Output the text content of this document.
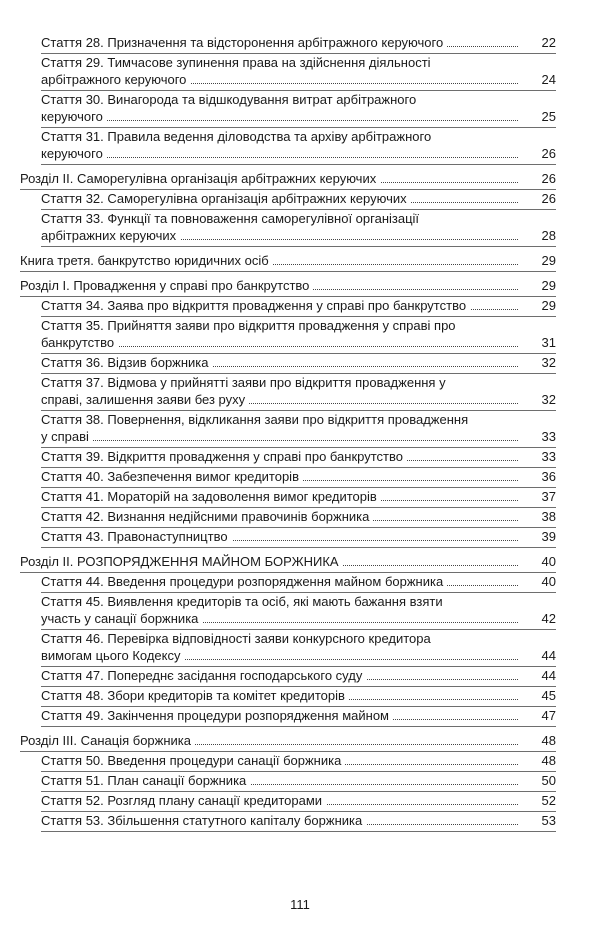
Стаття 28. Призначення та відсторонення арбітражного керуючого	22
Стаття 29. Тимчасове зупинення права на здійснення діяльності
арбітражного керуючого	24
Стаття 30. Винагорода та відшкодування витрат арбітражного
керуючого	25
Стаття 31. Правила ведення діловодства та архіву арбітражного
керуючого	26
Розділ II. Саморегулівна організація арбітражних керуючих	26
Стаття 32. Саморегулівна організація арбітражних керуючих	26
Стаття 33. Функції та повноваження саморегулівної організації
арбітражних керуючих	28
Книга третя. банкрутство юридичних осіб	29
Розділ I. Провадження у справі про банкрутство	29
Стаття 34. Заява про відкриття провадження у справі про банкрутство	29
Стаття 35. Прийняття заяви про відкриття провадження у справі про
банкрутство	31
Стаття 36. Відзив боржника	32
Стаття 37. Відмова у прийнятті заяви про відкриття провадження у
справі, залишення заяви без руху	32
Стаття 38. Повернення, відкликання заяви про відкриття провадження
у справі	33
Стаття 39. Відкриття провадження у справі про банкрутство	33
Стаття 40. Забезпечення вимог кредиторів	36
Стаття 41. Мораторій на задоволення вимог кредиторів	37
Стаття 42. Визнання недійсними правочинів боржника	38
Стаття 43. Правонаступництво	39
Розділ II. РОЗПОРЯДЖЕННЯ МАЙНОМ БОРЖНИКА	40
Стаття 44. Введення процедури розпорядження майном боржника	40
Стаття 45. Виявлення кредиторів та осіб, які мають бажання взяти
участь у санації боржника	42
Стаття 46. Перевірка відповідності заяви конкурсного кредитора
вимогам цього Кодексу	44
Стаття 47. Попереднє засідання господарського суду	44
Стаття 48. Збори кредиторів та комітет кредиторів	45
Стаття 49. Закінчення процедури розпорядження майном	47
Розділ III. Санація боржника	48
Стаття 50. Введення процедури санації боржника	48
Стаття 51. План санації боржника	50
Стаття 52. Розгляд плану санації кредиторами	52
Стаття 53. Збільшення статутного капіталу боржника	53
111
